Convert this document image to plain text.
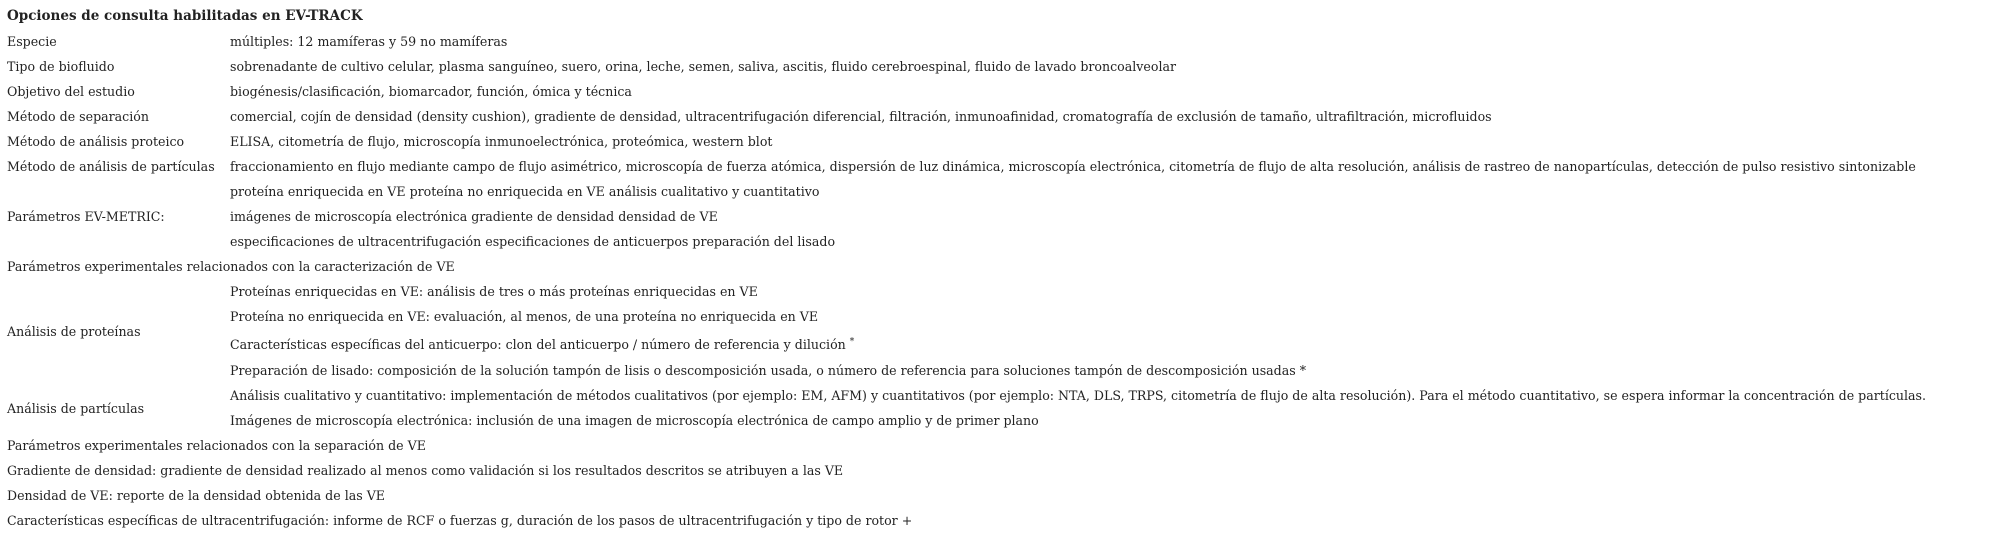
Opciones de consulta habilitadas en EV-TRACK
Especie	múltiples: 12 mamíferas y 59 no mamíferas
Tipo de biofluido	sobrenadante de cultivo celular, plasma sanguíneo, suero, orina, leche, semen, saliva, ascitis, fluido cerebroespinal, fluido de lavado broncoalveolar
Objetivo del estudio	biogénesis/clasificación, biomarcador, función, ómica y técnica
Método de separación	comercial, cojín de densidad (density cushion), gradiente de densidad, ultracentrifugación diferencial, filtración, inmunoafinidad, cromatografía de exclusión de tamaño, ultrafiltración, microfluidos
Método de análisis proteico	ELISA, citometría de flujo, microscopía inmunoelectrónica, proteómica, western blot
Método de análisis de partículas	fraccionamiento en flujo mediante campo de flujo asimétrico, microscopía de fuerza atómica, dispersión de luz dinámica, microscopía electrónica, citometría de flujo de alta resolución, análisis de rastreo de nanopartículas, detección de pulso resistivo sintonizable
	proteína enriquecida en VE proteína no enriquecida en VE análisis cualitativo y cuantitativo
Parámetros EV-METRIC:	imágenes de microscopía electrónica gradiente de densidad densidad de VE
	especificaciones de ultracentrifugación especificaciones de anticuerpos preparación del lisado
Parámetros experimentales relacionados con la caracterización de VE	
Análisis de proteínas	Proteínas enriquecidas en VE: análisis de tres o más proteínas enriquecidas en VE
	Proteína no enriquecida en VE: evaluación, al menos, de una proteína no enriquecida en VE
	Características específicas del anticuerpo: clon del anticuerpo / número de referencia y dilución *
	Preparación de lisado: composición de la solución tampón de lisis o descomposición usada, o número de referencia para soluciones tampón de descomposición usadas *
Análisis de partículas	Análisis cualitativo y cuantitativo: implementación de métodos cualitativos (por ejemplo: EM, AFM) y cuantitativos (por ejemplo: NTA, DLS, TRPS, citometría de flujo de alta resolución). Para el método cuantitativo, se espera informar la concentración de partículas.
	Imágenes de microscopía electrónica: inclusión de una imagen de microscopía electrónica de campo amplio y de primer plano
Parámetros experimentales relacionados con la separación de VE	
Gradiente de densidad: gradiente de densidad realizado al menos como validación si los resultados descritos se atribuyen a las VE	
Densidad de VE: reporte de la densidad obtenida de las VE	
Características específicas de ultracentrifugación: informe de RCF o fuerzas g, duración de los pasos de ultracentrifugación y tipo de rotor +	
